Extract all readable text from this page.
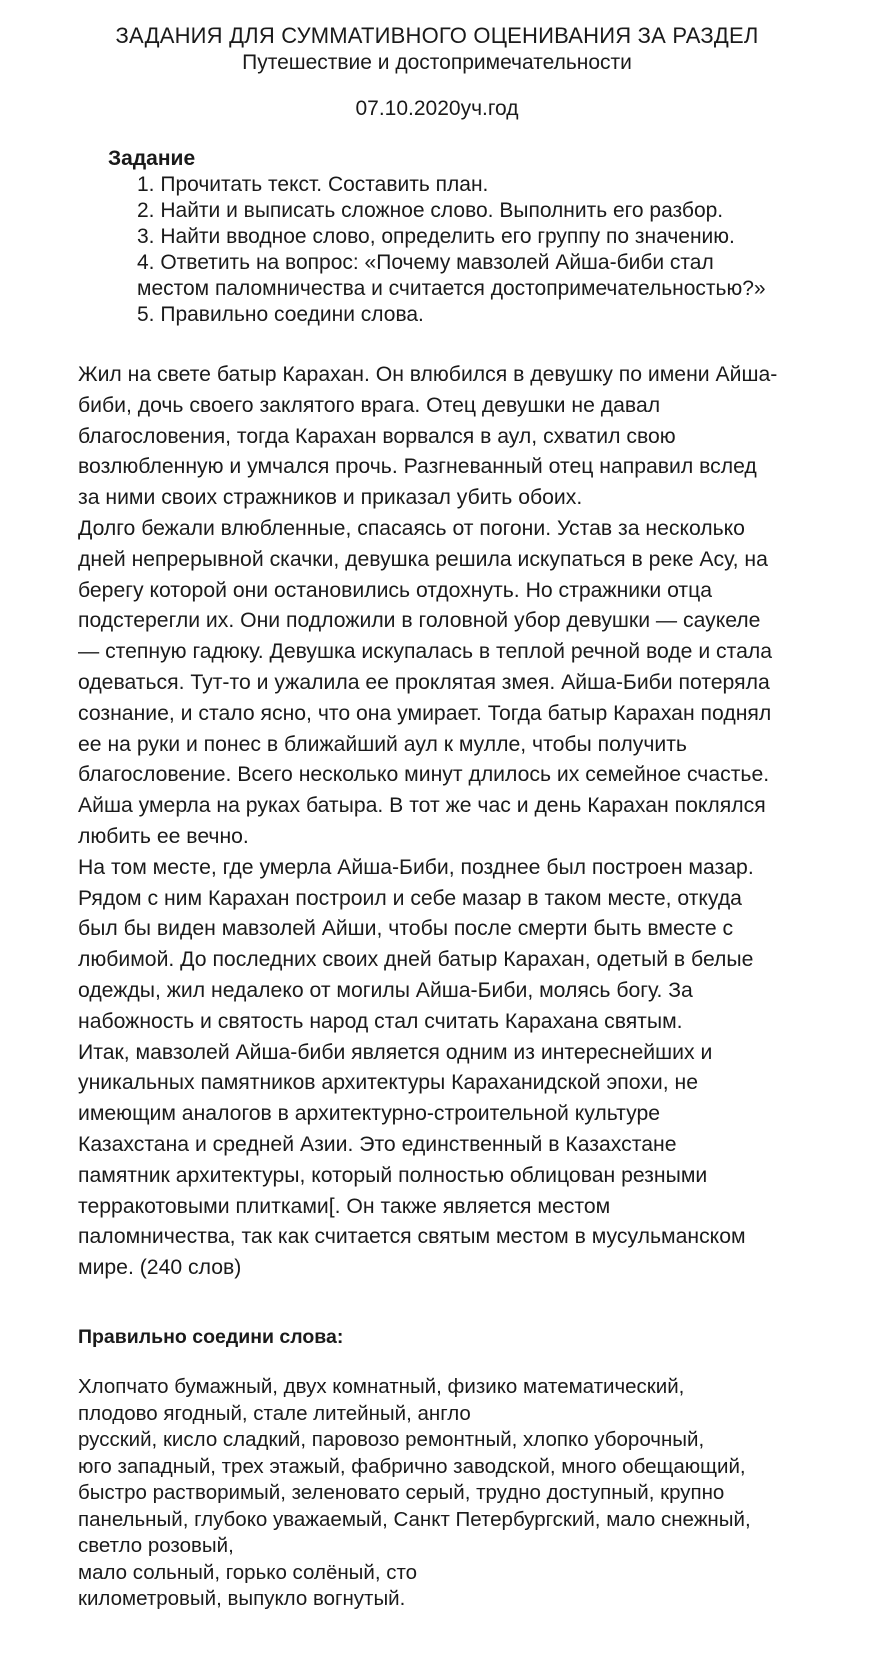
ЗАДАНИЯ ДЛЯ СУММАТИВНОГО ОЦЕНИВАНИЯ ЗА РАЗДЕЛ
Путешествие и достопримечательности
07.10.2020уч.год
Задание
1. Прочитать текст. Составить план.
2. Найти и выписать сложное слово. Выполнить его разбор.
3. Найти вводное слово, определить его группу по значению.
4. Ответить на вопрос: «Почему мавзолей Айша-биби стал
местом паломничества и считается достопримечательностью?»
5. Правильно соедини слова.

Жил на свете батыр Карахан. Он влюбился в девушку по имени Айша-

биби, дочь своего заклятого врага. Отец девушки не давал

благословения, тогда Карахан ворвался в аул, схватил свою

возлюбленную и умчался прочь. Разгневанный отец направил вслед

за ними своих стражников и приказал убить обоих.

Долго бежали влюбленные, спасаясь от погони. Устав за несколько

дней непрерывной скачки, девушка решила искупаться в реке Асу, на

берегу которой они остановились отдохнуть. Но стражники отца

подстерегли их. Они подложили в головной убор девушки — саукеле

— степную гадюку. Девушка искупалась в теплой речной воде и стала

одеваться. Тут-то и ужалила ее проклятая змея. Айша-Биби потеряла

сознание, и стало ясно, что она умирает. Тогда батыр Карахан поднял

ее на руки и понес в ближайший аул к мулле, чтобы получить

благословение. Всего несколько минут длилось их семейное счастье.

Айша умерла на руках батыра. В тот же час и день Карахан поклялся

любить ее вечно.

На том месте, где умерла Айша-Биби, позднее был построен мазар.

Рядом с ним Карахан построил и себе мазар в таком месте, откуда

был бы виден мавзолей Айши, чтобы после смерти быть вместе с

любимой. До последних своих дней батыр Карахан, одетый в белые

одежды, жил недалеко от могилы Айша-Биби, молясь богу. За

набожность и святость народ стал считать Карахана святым.

Итак, мавзолей Айша-биби является одним из интереснейших и

уникальных памятников архитектуры Караханидской эпохи, не

имеющим аналогов в архитектурно-строительной культуре

Казахстана и средней Азии. Это единственный в Казахстане

памятник архитектуры, который полностью облицован резными

терракотовыми плитками[. Он также является местом

паломничества, так как считается святым местом в мусульманском

мире. (240 слов)

Правильно соедини слова:
Хлопчато бумажный, двух комнатный, физико математический,
плодово ягодный, стале литейный, англо
русский, кисло сладкий, паровозо ремонтный, хлопко уборочный,
юго западный, трех этажый, фабрично заводской, много обещающий,
быстро растворимый, зеленовато серый, трудно доступный, крупно
панельный, глубоко уважаемый, Санкт Петербургский, мало снежный,
светло розовый,
мало сольный, горько солёный, сто
километровый, выпукло вогнутый.
